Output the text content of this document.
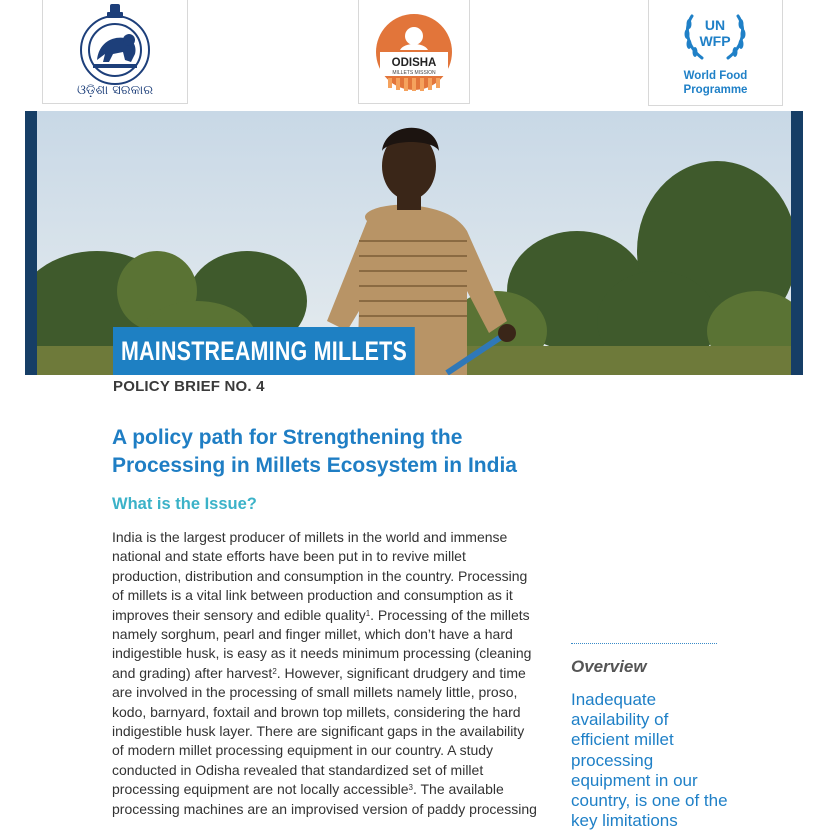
ଓଡ଼ିଶା ସରକାର
ODISHA
MILLETS MISSION
UN
WFP
World Food
Programme
MAINSTREAMING MILLETS
POLICY BRIEF NO. 4
A policy path for Strengthening the
Processing in Millets Ecosystem in India
What is the Issue?

India is the largest producer of millets in the world and immense national and state efforts have been put in to revive millet production, distribution and consumption in the country. Processing of millets is a vital link between production and consumption as it improves their sensory and edible quality$^1$. Processing of the millets namely sorghum, pearl and finger millet, which don’t have a hard indigestible husk, is easy as it needs minimum processing (cleaning and grading) after harvest$^2$. However, significant drudgery and time are involved in the processing of small millets namely little, proso, kodo, barnyard, foxtail and brown top millets, considering the hard indigestible husk layer. There are significant gaps in the availability of modern millet processing equipment in our country. A study conducted in Odisha revealed that standardized set of millet processing equipment are not locally accessible$^3$. The available processing machines are an improvised version of paddy processing

Overview
Inadequate availability of efficient millet processing equipment in our country, is one of the key limitations
